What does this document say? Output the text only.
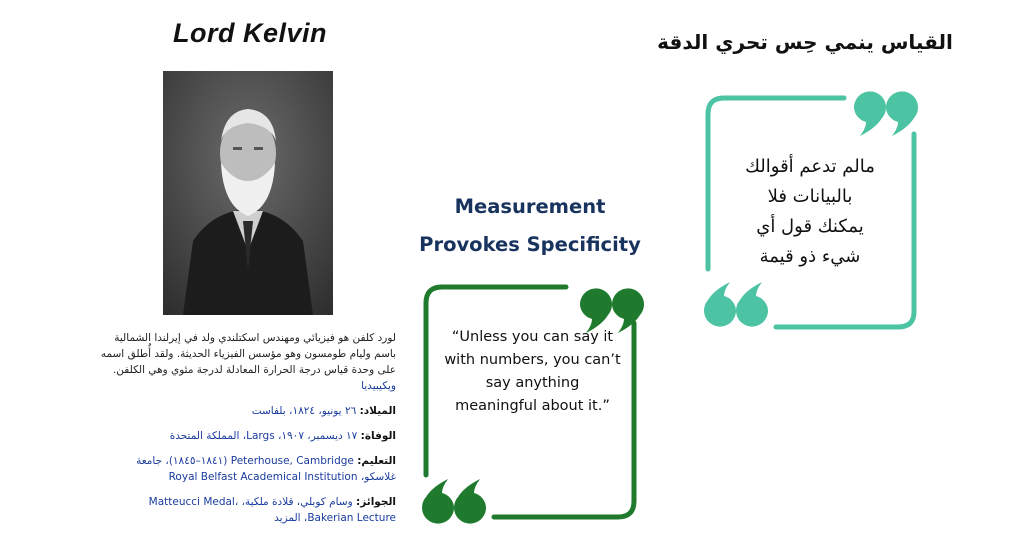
Lord Kelvin
لورد كلفن هو فيزيائي ومهندس اسكتلندي ولد في إيرلندا الشمالية باسم وليام طومسون وهو مؤسس الفيزياء الحديثة. ولقد أُطلق اسمه على وحدة قياس درجة الحرارة المعادلة لدرجة مئوي وهي الكلفن. ويكيبيديا
الميلاد: ٢٦ يونيو، ١٨٢٤، بلفاست
الوفاة: ١٧ ديسمبر، ١٩٠٧، Largs، المملكة المتحدة
التعليم: Peterhouse, Cambridge (١٨٤١–١٨٤٥)، جامعة غلاسكو، Royal Belfast Academical Institution
الجوائز: وسام كوبلي، قلادة ملكية، Matteucci Medal، Bakerian Lecture، المزيد
Measurement
Provokes Specificity
“Unless you can say it
with numbers, you can’t
say anything
meaningful about it.”
القياس ينمي حِس تحري الدقة
مالم تدعم أقوالك
بالبيانات فلا
يمكنك قول أي
شيء ذو قيمة
